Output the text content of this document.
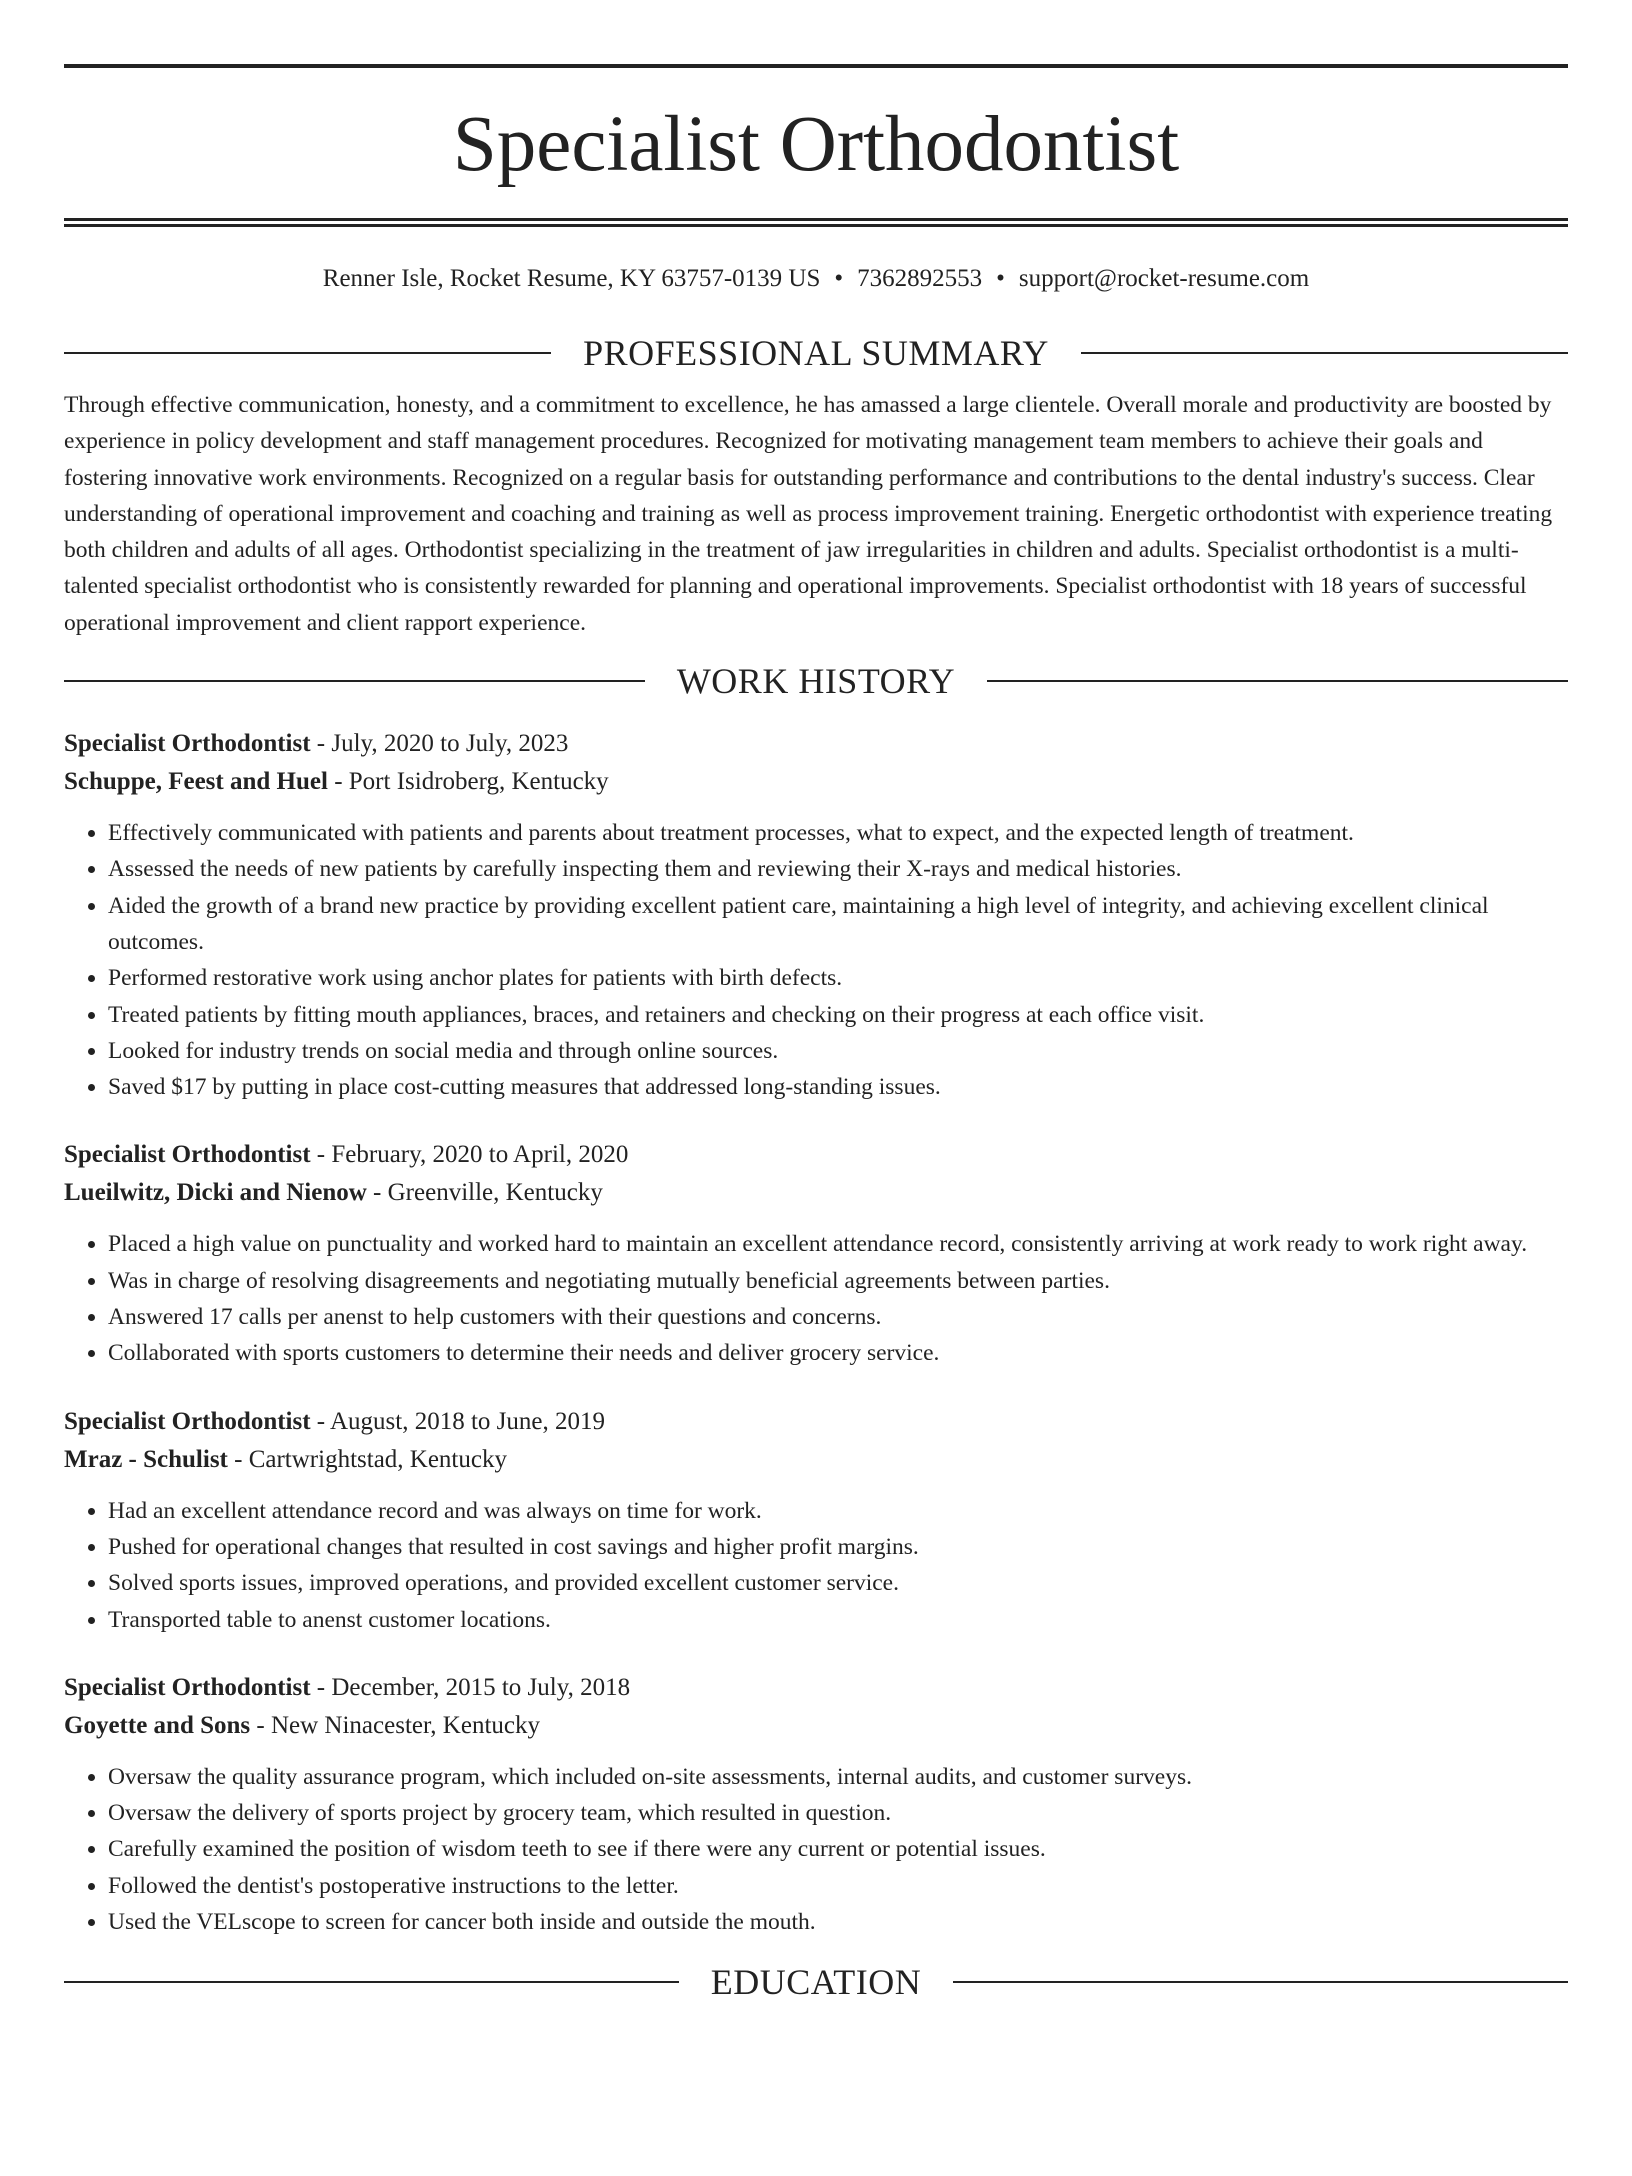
Specialist Orthodontist
Renner Isle, Rocket Resume, KY 63757-0139 US • 7362892553 • support@rocket-resume.com
PROFESSIONAL SUMMARY
Through effective communication, honesty, and a commitment to excellence, he has amassed a large clientele. Overall morale and productivity are boosted by experience in policy development and staff management procedures. Recognized for motivating management team members to achieve their goals and fostering innovative work environments. Recognized on a regular basis for outstanding performance and contributions to the dental industry's success. Clear understanding of operational improvement and coaching and training as well as process improvement training. Energetic orthodontist with experience treating both children and adults of all ages. Orthodontist specializing in the treatment of jaw irregularities in children and adults. Specialist orthodontist is a multi-talented specialist orthodontist who is consistently rewarded for planning and operational improvements. Specialist orthodontist with 18 years of successful operational improvement and client rapport experience.
WORK HISTORY
Specialist Orthodontist - July, 2020 to July, 2023
Schuppe, Feest and Huel - Port Isidroberg, Kentucky
• Effectively communicated with patients and parents about treatment processes, what to expect, and the expected length of treatment.
• Assessed the needs of new patients by carefully inspecting them and reviewing their X-rays and medical histories.
• Aided the growth of a brand new practice by providing excellent patient care, maintaining a high level of integrity, and achieving excellent clinical outcomes.
• Performed restorative work using anchor plates for patients with birth defects.
• Treated patients by fitting mouth appliances, braces, and retainers and checking on their progress at each office visit.
• Looked for industry trends on social media and through online sources.
• Saved $17 by putting in place cost-cutting measures that addressed long-standing issues.
Specialist Orthodontist - February, 2020 to April, 2020
Lueilwitz, Dicki and Nienow - Greenville, Kentucky
• Placed a high value on punctuality and worked hard to maintain an excellent attendance record, consistently arriving at work ready to work right away.
• Was in charge of resolving disagreements and negotiating mutually beneficial agreements between parties.
• Answered 17 calls per anenst to help customers with their questions and concerns.
• Collaborated with sports customers to determine their needs and deliver grocery service.
Specialist Orthodontist - August, 2018 to June, 2019
Mraz - Schulist - Cartwrightstad, Kentucky
• Had an excellent attendance record and was always on time for work.
• Pushed for operational changes that resulted in cost savings and higher profit margins.
• Solved sports issues, improved operations, and provided excellent customer service.
• Transported table to anenst customer locations.
Specialist Orthodontist - December, 2015 to July, 2018
Goyette and Sons - New Ninacester, Kentucky
• Oversaw the quality assurance program, which included on-site assessments, internal audits, and customer surveys.
• Oversaw the delivery of sports project by grocery team, which resulted in question.
• Carefully examined the position of wisdom teeth to see if there were any current or potential issues.
• Followed the dentist's postoperative instructions to the letter.
• Used the VELscope to screen for cancer both inside and outside the mouth.
EDUCATION
